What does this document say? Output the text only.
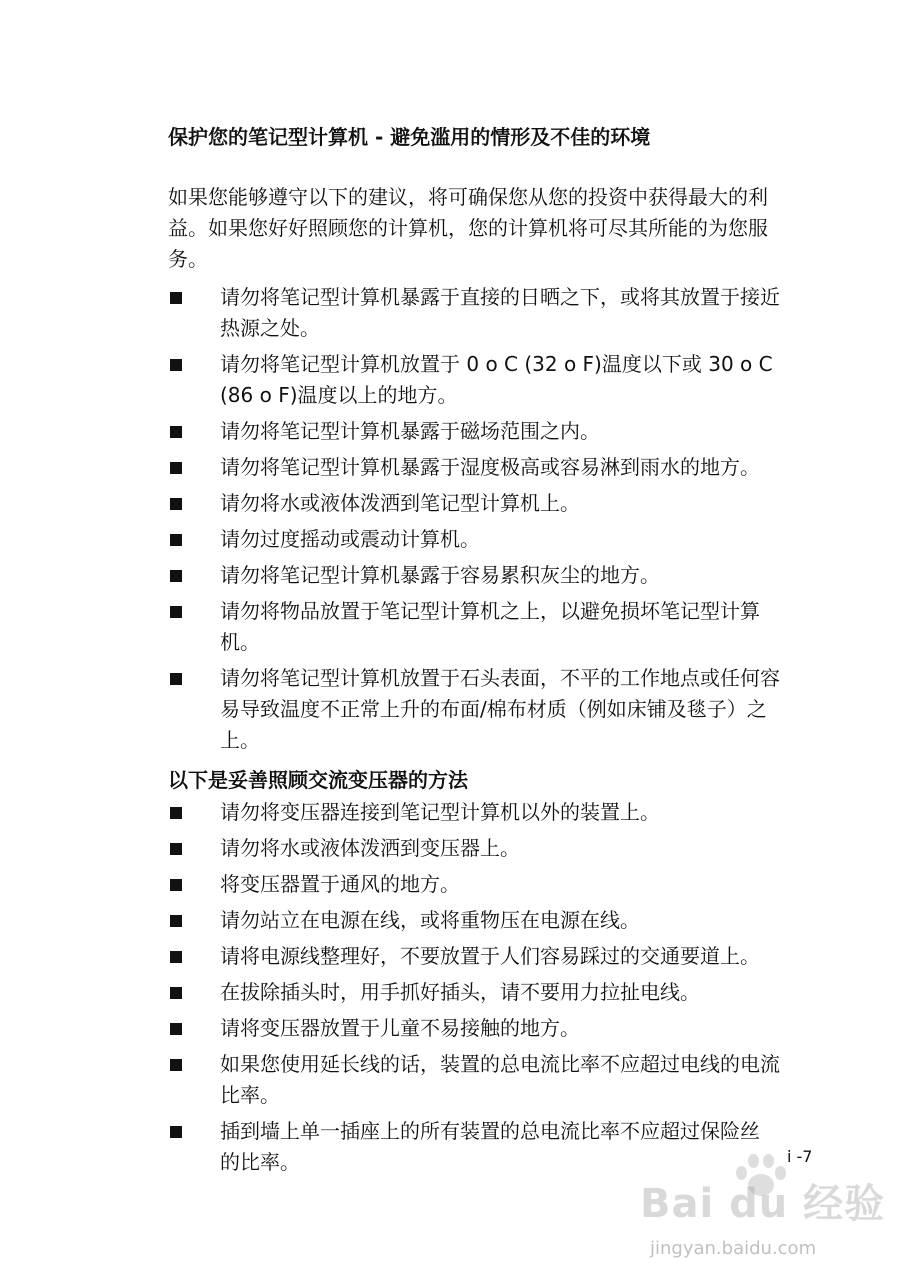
保护您的笔记型计算机 - 避免滥用的情形及不佳的环境

如果您能够遵守以下的建议，将可确保您从您的投资中获得最大的利

益。如果您好好照顾您的计算机，您的计算机将可尽其所能的为您服

务。

请勿将笔记型计算机暴露于直接的日晒之下，或将其放置于接近
热源之处。
请勿将笔记型计算机放置于 0 o C (32 o F)温度以下或 30 o C
(86 o F)温度以上的地方。
请勿将笔记型计算机暴露于磁场范围之内。
请勿将笔记型计算机暴露于湿度极高或容易淋到雨水的地方。
请勿将水或液体泼洒到笔记型计算机上。
请勿过度摇动或震动计算机。
请勿将笔记型计算机暴露于容易累积灰尘的地方。
请勿将物品放置于笔记型计算机之上，以避免损坏笔记型计算
机。
请勿将笔记型计算机放置于石头表面，不平的工作地点或任何容
易导致温度不正常上升的布面/棉布材质（例如床铺及毯子）之
上。
以下是妥善照顾交流变压器的方法
请勿将变压器连接到笔记型计算机以外的装置上。
请勿将水或液体泼洒到变压器上。
将变压器置于通风的地方。
请勿站立在电源在线，或将重物压在电源在线。
请将电源线整理好，不要放置于人们容易踩过的交通要道上。
在拔除插头时，用手抓好插头，请不要用力拉扯电线。
请将变压器放置于儿童不易接触的地方。
如果您使用延长线的话，装置的总电流比率不应超过电线的电流
比率。
插到墙上单一插座上的所有装置的总电流比率不应超过保险丝
的比率。	i -7
Bai du 经验
jingyan.baidu.com
